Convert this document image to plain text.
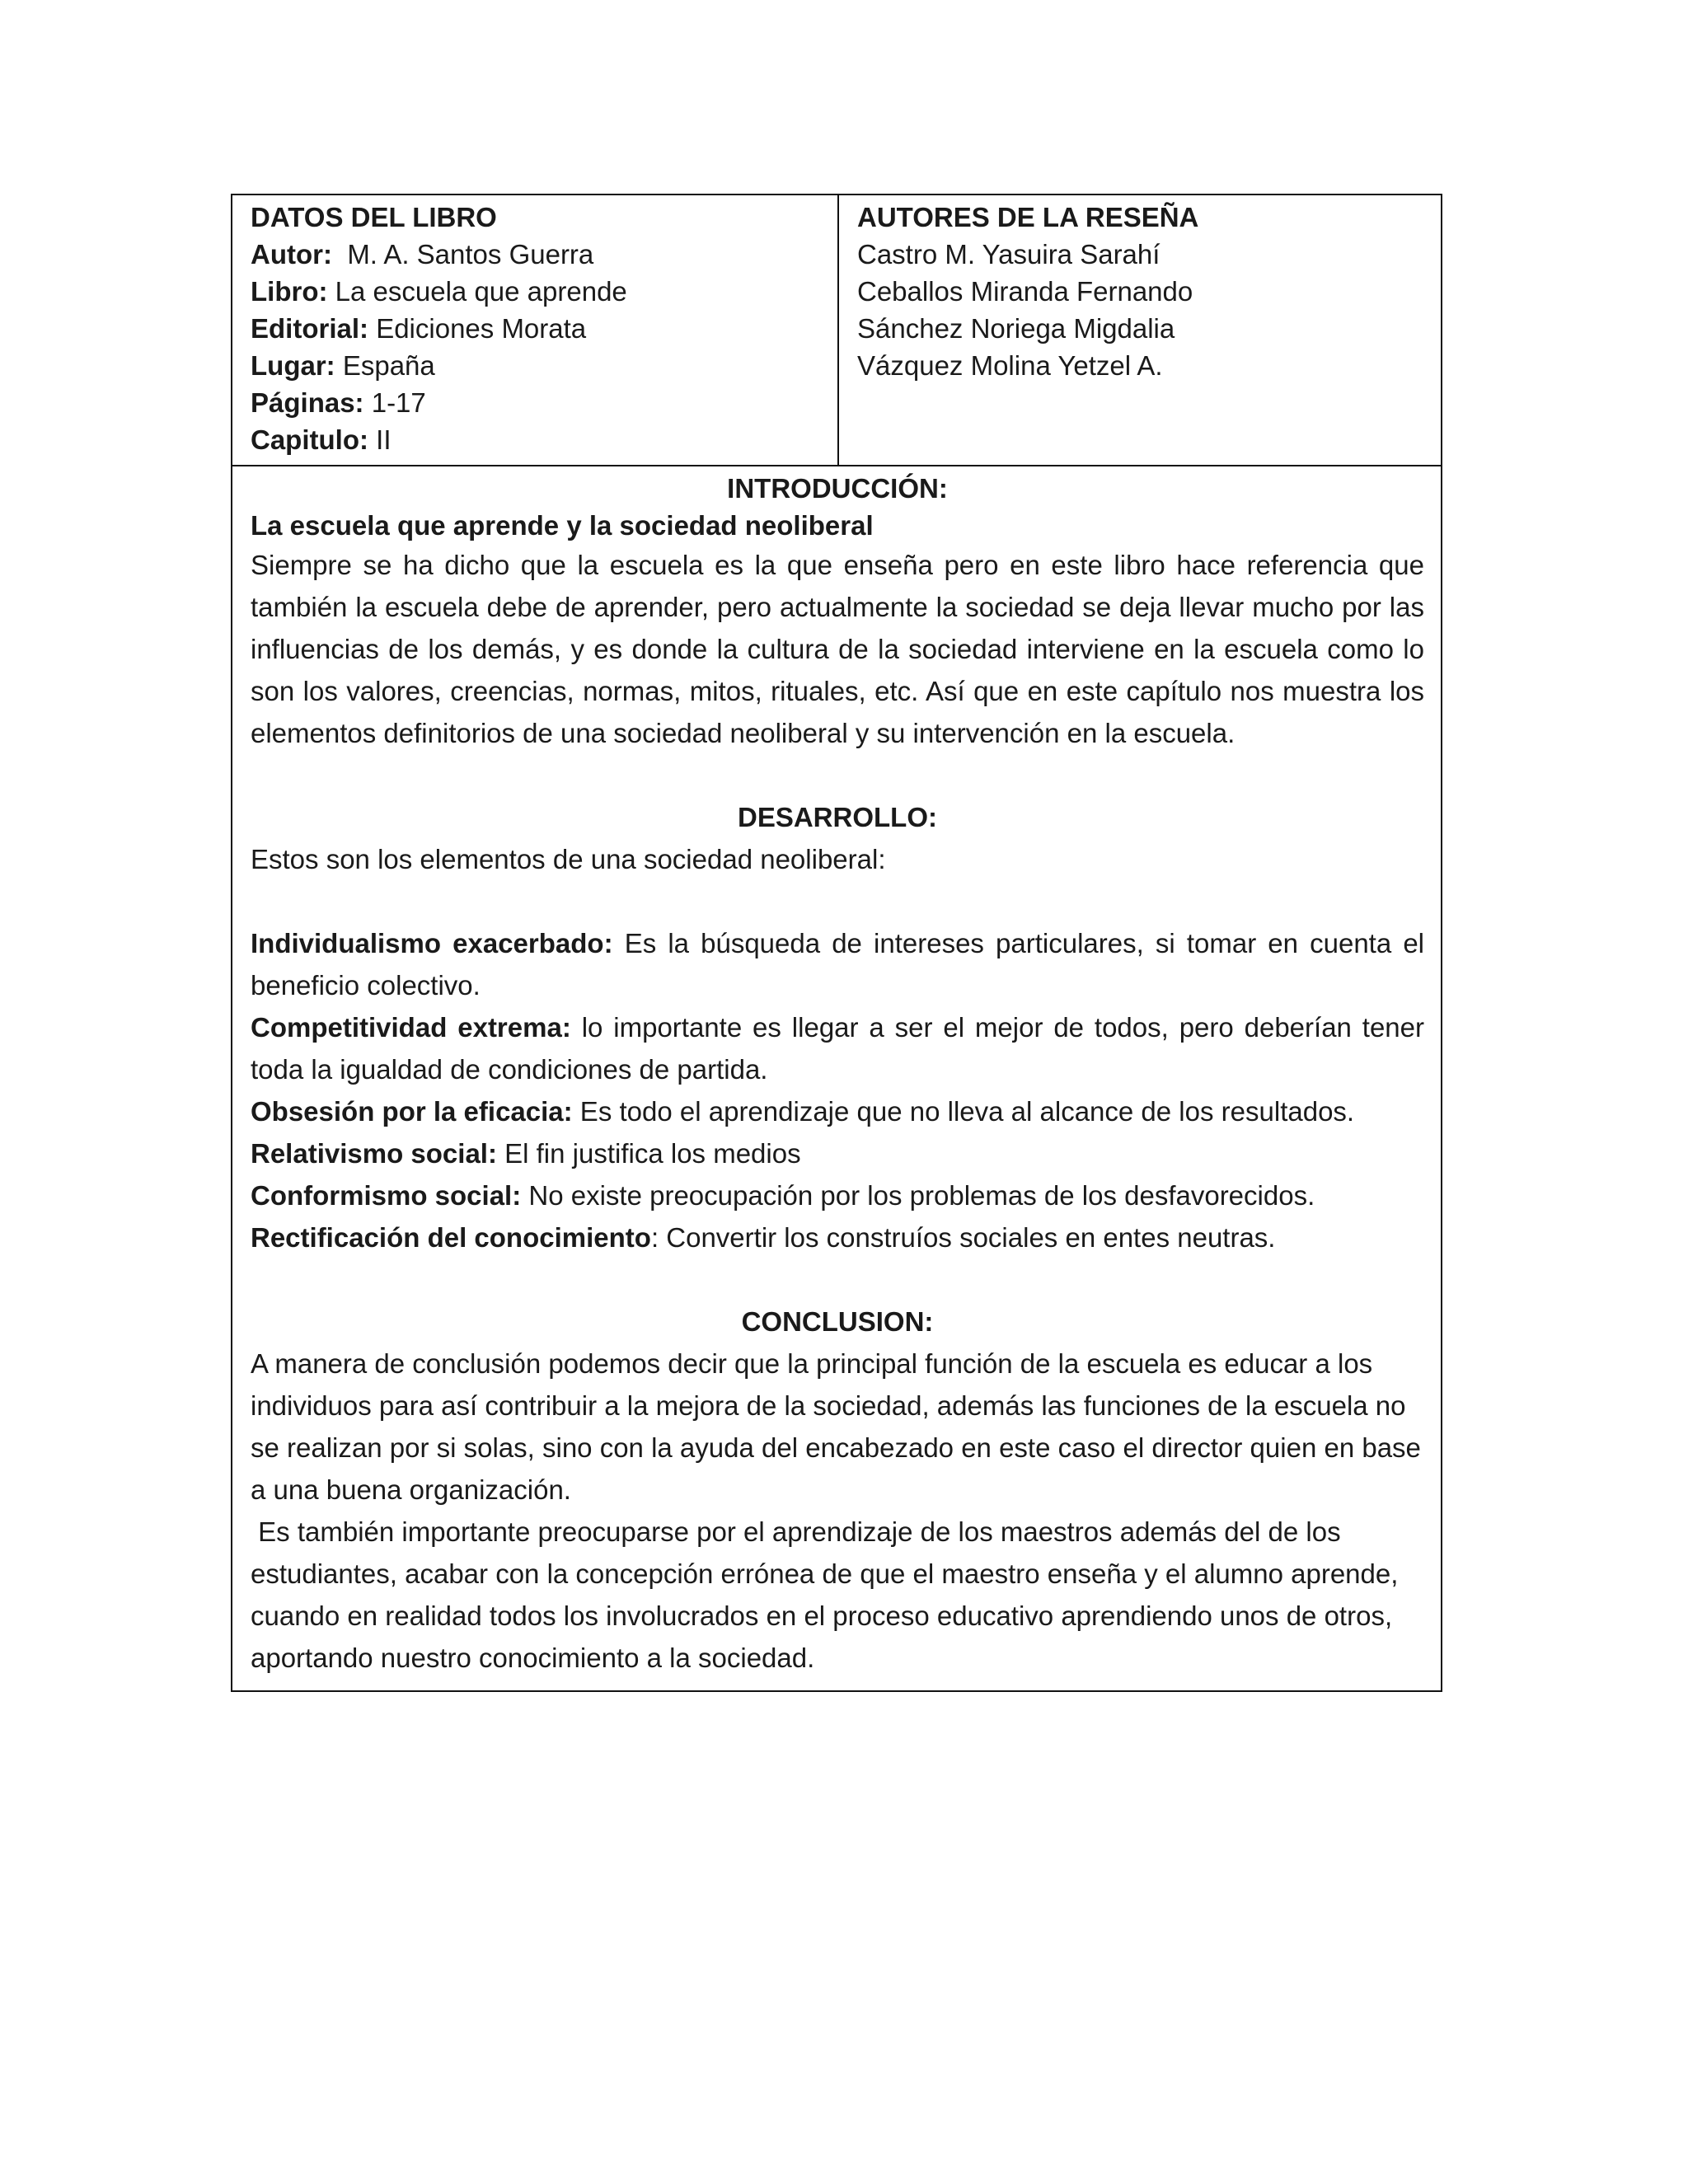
DATOS DEL LIBRO
Autor: M. A. Santos Guerra
Libro: La escuela que aprende
Editorial: Ediciones Morata
Lugar: España
Páginas: 1-17
Capitulo: II
AUTORES DE LA RESEÑA
Castro M. Yasuira Sarahí
Ceballos Miranda Fernando
Sánchez Noriega Migdalia
Vázquez Molina Yetzel A.
INTRODUCCIÓN:
La escuela que aprende y la sociedad neoliberal

Siempre se ha dicho que la escuela es la que enseña pero en este libro hace referencia que también la escuela debe de aprender, pero actualmente la sociedad se deja llevar mucho por las influencias de los demás, y es donde la cultura de la sociedad interviene en la escuela como lo son los valores, creencias, normas, mitos, rituales, etc. Así que en este capítulo nos muestra los elementos definitorios de una sociedad neoliberal y su intervención en la escuela.

DESARROLLO:

Estos son los elementos de una sociedad neoliberal:

Individualismo exacerbado: Es la búsqueda de intereses particulares, si tomar en cuenta el beneficio colectivo.

Competitividad extrema: lo importante es llegar a ser el mejor de todos, pero deberían tener toda la igualdad de condiciones de partida.

Obsesión por la eficacia: Es todo el aprendizaje que no lleva al alcance de los resultados.

Relativismo social: El fin justifica los medios

Conformismo social: No existe preocupación por los problemas de los desfavorecidos.

Rectificación del conocimiento: Convertir los construíos sociales en entes neutras.

CONCLUSION:

A manera de conclusión podemos decir que la principal función de la escuela es educar a los individuos para así contribuir a la mejora de la sociedad, además las funciones de la escuela no se realizan por si solas, sino con la ayuda del encabezado en este caso el director quien en base a una buena organización.

Es también importante preocuparse por el aprendizaje de los maestros además del de los estudiantes, acabar con la concepción errónea de que el maestro enseña y el alumno aprende, cuando en realidad todos los involucrados en el proceso educativo aprendiendo unos de otros, aportando nuestro conocimiento a la sociedad.
